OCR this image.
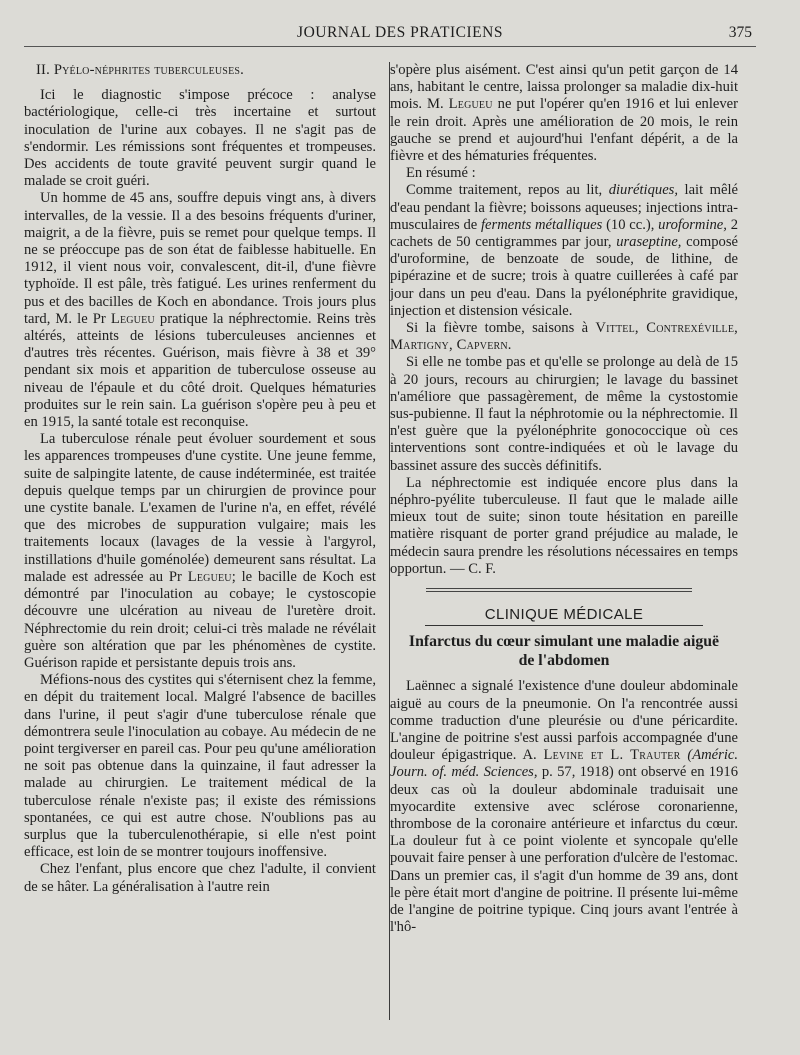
JOURNAL DES PRATICIENS	375
II. Pyélo-néphrites tuberculeuses.

Ici le diagnostic s'impose précoce : analyse bactériologique, celle-ci très incertaine et surtout inoculation de l'urine aux cobayes. Il ne s'agit pas de s'endormir. Les rémissions sont fréquentes et trompeuses. Des accidents de toute gravité peuvent surgir quand le malade se croit guéri.

Un homme de 45 ans, souffre depuis vingt ans, à divers intervalles, de la vessie. Il a des besoins fréquents d'uriner, maigrit, a de la fièvre, puis se remet pour quelque temps. Il ne se préoccupe pas de son état de faiblesse habituelle. En 1912, il vient nous voir, convalescent, dit-il, d'une fièvre typhoïde. Il est pâle, très fatigué. Les urines renferment du pus et des bacilles de Koch en abondance. Trois jours plus tard, M. le Pr Legueu pratique la néphrectomie. Reins très altérés, atteints de lésions tuberculeuses anciennes et d'autres très récentes. Guérison, mais fièvre à 38 et 39° pendant six mois et apparition de tuberculose osseuse au niveau de l'épaule et du côté droit. Quelques hématuries produites sur le rein sain. La guérison s'opère peu à peu et en 1915, la santé totale est reconquise.

La tuberculose rénale peut évoluer sourdement et sous les apparences trompeuses d'une cystite. Une jeune femme, suite de salpingite latente, de cause indéterminée, est traitée depuis quelque temps par un chirurgien de province pour une cystite banale. L'examen de l'urine n'a, en effet, révélé que des microbes de suppuration vulgaire; mais les traitements locaux (lavages de la vessie à l'argyrol, instillations d'huile goménolée) demeurent sans résultat. La malade est adressée au Pr Legueu; le bacille de Koch est démontré par l'inoculation au cobaye; le cystoscopie découvre une ulcération au niveau de l'uretère droit. Néphrectomie du rein droit; celui-ci très malade ne révélait guère son altération que par les phénomènes de cystite. Guérison rapide et persistante depuis trois ans.

Méfions-nous des cystites qui s'éternisent chez la femme, en dépit du traitement local. Malgré l'absence de bacilles dans l'urine, il peut s'agir d'une tuberculose rénale que démontrera seule l'inoculation au cobaye. Au médecin de ne point tergiverser en pareil cas. Pour peu qu'une amélioration ne soit pas obtenue dans la quinzaine, il faut adresser la malade au chirurgien. Le traitement médical de la tuberculose rénale n'existe pas; il existe des rémissions spontanées, ce qui est autre chose. N'oublions pas au surplus que la tuberculenothérapie, si elle n'est point efficace, est loin de se montrer toujours inoffensive.

Chez l'enfant, plus encore que chez l'adulte, il convient de se hâter. La généralisation à l'autre rein

s'opère plus aisément. C'est ainsi qu'un petit garçon de 14 ans, habitant le centre, laissa prolonger sa maladie dix-huit mois. M. Legueu ne put l'opérer qu'en 1916 et lui enlever le rein droit. Après une amélioration de 20 mois, le rein gauche se prend et aujourd'hui l'enfant dépérit, a de la fièvre et des hématuries fréquentes.

En résumé :

Comme traitement, repos au lit, diurétiques, lait mêlé d'eau pendant la fièvre; boissons aqueuses; injections intra-musculaires de ferments métalliques (10 cc.), uroformine, 2 cachets de 50 centigrammes par jour, uraseptine, composé d'uroformine, de benzoate de soude, de lithine, de pipérazine et de sucre; trois à quatre cuillerées à café par jour dans un peu d'eau. Dans la pyélonéphrite gravidique, injection et distension vésicale.

Si la fièvre tombe, saisons à Vittel, Contrexéville, Martigny, Capvern.

Si elle ne tombe pas et qu'elle se prolonge au delà de 15 à 20 jours, recours au chirurgien; le lavage du bassinet n'améliore que passagèrement, de même la cystostomie sus-pubienne. Il faut la néphrotomie ou la néphrectomie. Il n'est guère que la pyélonéphrite gonococcique où ces interventions sont contre-indiquées et où le lavage du bassinet assure des succès définitifs.

La néphrectomie est indiquée encore plus dans la néphro-pyélite tuberculeuse. Il faut que le malade aille mieux tout de suite; sinon toute hésitation en pareille matière risquant de porter grand préjudice au malade, le médecin saura prendre les résolutions nécessaires en temps opportun. — C. F.

CLINIQUE MÉDICALE
Infarctus du cœur simulant une maladie aiguë
de l'abdomen

Laënnec a signalé l'existence d'une douleur abdominale aiguë au cours de la pneumonie. On l'a rencontrée aussi comme traduction d'une pleurésie ou d'une péricardite. L'angine de poitrine s'est aussi parfois accompagnée d'une douleur épigastrique. A. Levine et L. Trauter (Améric. Journ. of. méd. Sciences, p. 57, 1918) ont observé en 1916 deux cas où la douleur abdominale traduisait une myocardite extensive avec sclérose coronarienne, thrombose de la coronaire antérieure et infarctus du cœur. La douleur fut à ce point violente et syncopale qu'elle pouvait faire penser à une perforation d'ulcère de l'estomac. Dans un premier cas, il s'agit d'un homme de 39 ans, dont le père était mort d'angine de poitrine. Il présente lui-même de l'angine de poitrine typique. Cinq jours avant l'entrée à l'hô-
